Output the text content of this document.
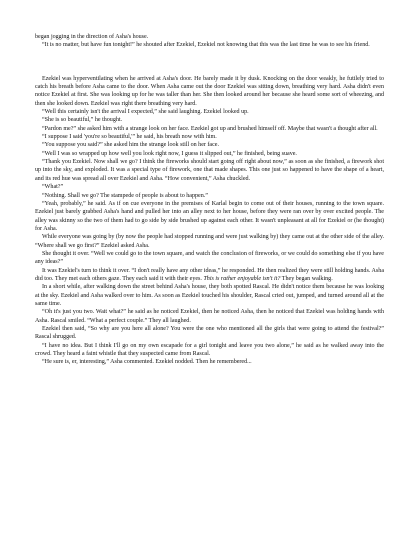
began jogging in the direction of Asha's house.

“It is no matter, but have fun tonight!” he shouted after Ezekiel, Ezekiel not knowing that this was the last time he was to see his friend.

Ezekiel was hyperventilating when he arrived at Asha's door. He barely made it by dusk. Knocking on the door weakly, he futilely tried to catch his breath before Asha came to the door. When Asha came out the door Ezekiel was sitting down, breathing very hard. Asha didn't even notice Ezekiel at first. She was looking up for he was taller than her. She then looked around her because she heard some sort of wheezing, and then she looked down. Ezekiel was right there breathing very hard.

“Well this certainly isn't the arrival I expected,” she said laughing. Ezekiel looked up.

“She is so beautiful,” he thought.

“Pardon me?” she asked him with a strange look on her face. Ezekiel got up and brushed himself off. Maybe that wasn't a thought after all.

“I suppose I said 'you're so beautiful,'” he said, his breath now with him.

“You suppose you said?” she asked him the strange look still on her face.

“Well I was so wrapped up how well you look right now, I guess it slipped out,” he finished, being suave.

“Thank you Ezekiel. Now shall we go? I think the fireworks should start going off right about now,” as soon as she finished, a firework shot up into the sky, and exploded. It was a special type of firework, one that made shapes. This one just so happened to have the shape of a heart, and its red hue was spread all over Ezekiel and Asha. “How convenient,” Asha chuckled.

“What?”

“Nothing. Shall we go? The stampede of people is about to happen.”

“Yeah, probably,” he said. As if on cue everyone in the premises of Karlal begin to come out of their houses, running to the town square. Ezekiel just barely grabbed Asha's hand and pulled her into an alley next to her house, before they were ran over by over excited people. The alley was skinny so the two of them had to go side by side brushed up against each other. It wasn't unpleasant at all for Ezekiel or (he thought) for Asha.

While everyone was going by (by now the people had stopped running and were just walking by) they came out at the other side of the alley. “Where shall we go first?” Ezekiel asked Asha.

She thought it over. “Well we could go to the town square, and watch the conclusion of fireworks, or we could do something else if you have any ideas?”

It was Ezekiel's turn to think it over. “I don't really have any other ideas,” he responded. He then realized they were still holding hands. Asha did too. They met each others gaze. They each said it with their eyes. This is rather enjoyable isn't it? They began walking.

In a short while, after walking down the street behind Asha's house, they both spotted Rascal. He didn't notice them because he was looking at the sky. Ezekiel and Asha walked over to him. As soon as Ezekiel touched his shoulder, Rascal cried out, jumped, and turned around all at the same time.

“Oh it's just you two. Wait what?” he said as he noticed Ezekiel, then he noticed Asha, then he noticed that Ezekiel was holding hands with Asha. Rascal smiled. “What a perfect couple.” They all laughed.

Ezekiel then said, “So why are you here all alone? You were the one who mentioned all the girls that were going to attend the festival?” Rascal shrugged.

“I have no idea. But I think I'll go on my own escapade for a girl tonight and leave you two alone,” he said as he walked away into the crowd. They heard a faint whistle that they suspected came from Rascal.

“He sure is, er, interesting,” Asha commented. Ezekiel nodded. Then he remembered...
